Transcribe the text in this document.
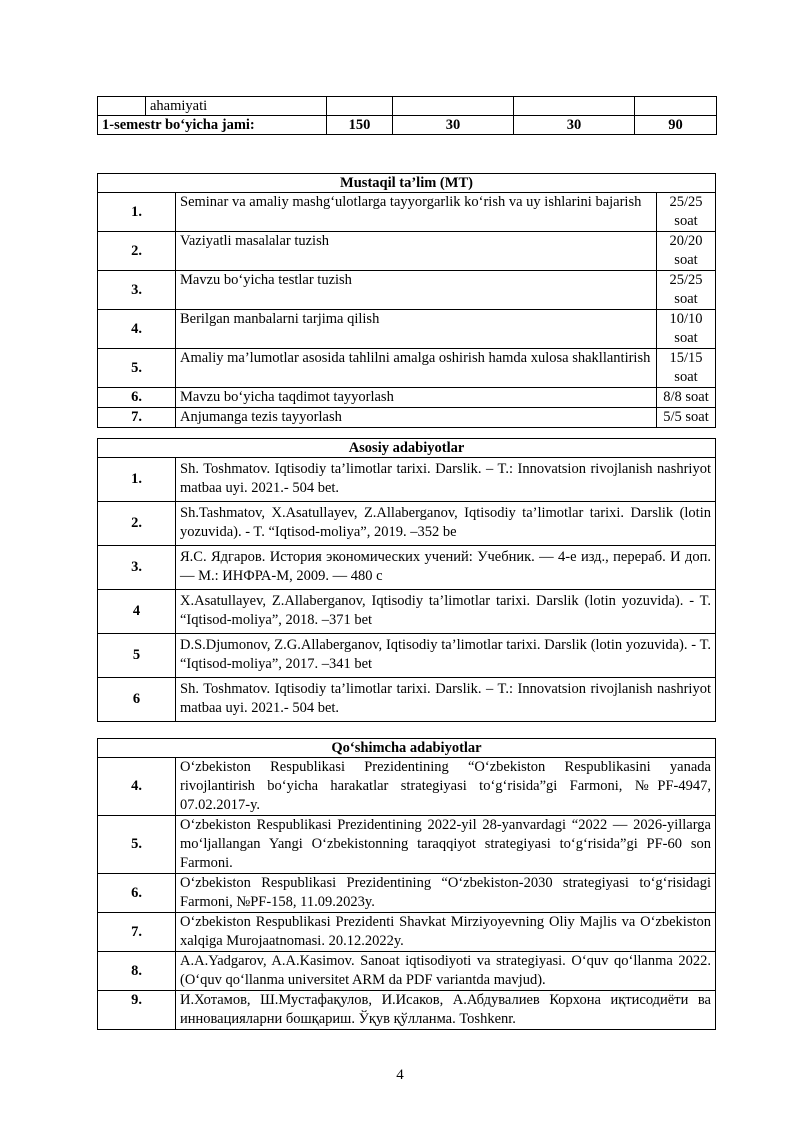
	ahamiyati				
1-semestr bo‘yicha jami:		150	30	30	90
Mustaqil ta’lim (MT)		
1.	Seminar va amaliy mashg‘ulotlarga tayyorgarlik ko‘rish va uy ishlarini bajarish	25/25 soat
2.	Vaziyatli masalalar tuzish	20/20 soat
3.	Mavzu bo‘yicha testlar tuzish	25/25 soat
4.	Berilgan manbalarni tarjima qilish	10/10 soat
5.	Amaliy ma’lumotlar asosida tahlilni amalga oshirish hamda xulosa shakllantirish	15/15 soat
6.	Mavzu bo‘yicha taqdimot tayyorlash	8/8 soat
7.	Anjumanga tezis tayyorlash	5/5 soat
Asosiy adabiyotlar	
1.	Sh. Toshmatov. Iqtisodiy ta’limotlar tarixi. Darslik. – T.: Innovatsion rivojlanish nashriyot matbaa uyi. 2021.- 504 bet.
2.	Sh.Tashmatov, X.Asatullayev, Z.Allaberganov, Iqtisodiy ta’limotlar tarixi. Darslik (lotin yozuvida). - T. “Iqtisod-moliya”, 2019. –352 be
3.	Я.С. Ядгаров. История экономических учений: Учебник. — 4-е изд., перераб. И доп. — М.: ИНФРА-М, 2009. — 480 с
4	X.Asatullayev, Z.Allaberganov, Iqtisodiy ta’limotlar tarixi. Darslik (lotin yozuvida). - T. “Iqtisod-moliya”, 2018. –371 bet
5	D.S.Djumonov, Z.G.Allaberganov, Iqtisodiy ta’limotlar tarixi. Darslik (lotin yozuvida). - T. “Iqtisod-moliya”, 2017. –341 bet
6	Sh. Toshmatov. Iqtisodiy ta’limotlar tarixi. Darslik. – T.: Innovatsion rivojlanish nashriyot matbaa uyi. 2021.- 504 bet.
Qo‘shimcha adabiyotlar	
4.	O‘zbekiston Respublikasi Prezidentining “O‘zbekiston Respublikasini yanada rivojlantirish bo‘yicha harakatlar strategiyasi to‘g‘risida”gi Farmoni, №PF-4947, 07.02.2017-y.
5.	O‘zbekiston Respublikasi Prezidentining 2022-yil 28-yanvardagi “2022 — 2026-yillarga mo‘ljallangan Yangi O‘zbekistonning taraqqiyot strategiyasi to‘g‘risida”gi PF-60 son Farmoni.
6.	O‘zbekiston Respublikasi Prezidentining “O‘zbekiston-2030 strategiyasi to‘g‘risidagi Farmoni, №PF-158, 11.09.2023y.
7.	O‘zbekiston Respublikasi Prezidenti Shavkat Mirziyoyevning Oliy Majlis va O‘zbekiston xalqiga Murojaatnomasi. 20.12.2022y.
8.	A.A.Yadgarov, A.A.Kasimov. Sanoat iqtisodiyoti va strategiyasi. O‘quv qo‘llanma 2022. (O‘quv qo‘llanma universitet ARM da PDF variantda mavjud).
9.	И.Хотамов, Ш.Мустафақулов, И.Исаков, А.Абдувалиев Корхона иқтисодиёти ва инновацияларни бошқариш. Ўқув қўлланма. Toshkenr.
4
